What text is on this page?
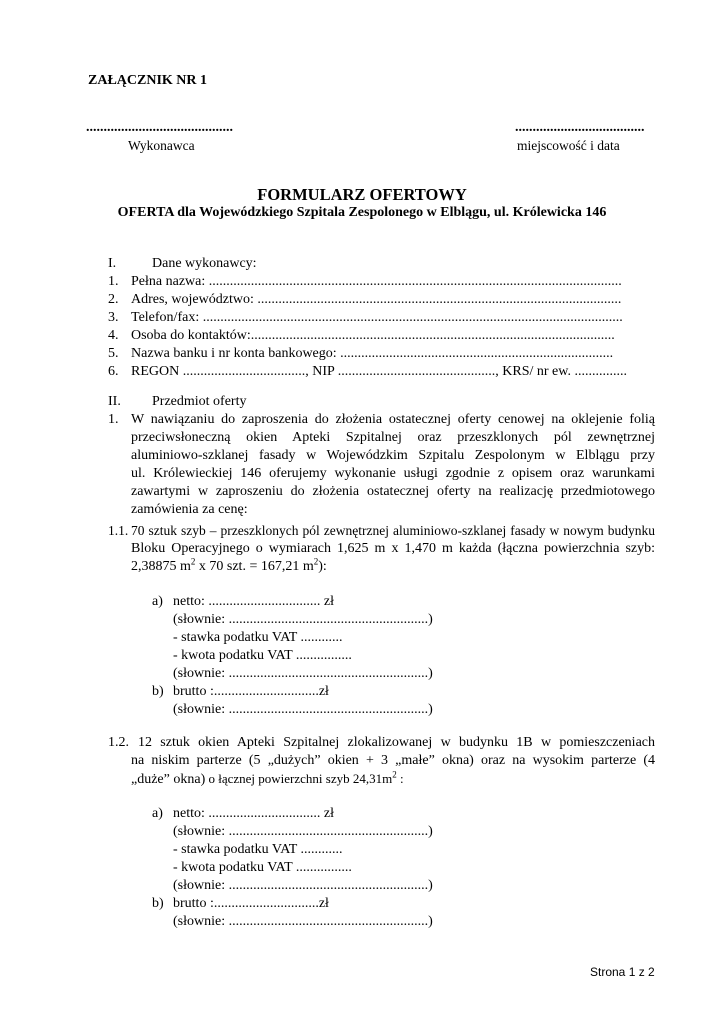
ZAŁĄCZNIK NR 1
..........................................	.....................................
Wykonawca	miejscowość i data
FORMULARZ OFERTOWY
OFERTA dla Wojewódzkiego Szpitala Zespolonego w Elblągu, ul. Królewicka 146
I.	Dane wykonawcy:
1. Pełna nazwa: ......................................................................................................................
2. Adres, województwo: ........................................................................................................
3. Telefon/fax: ........................................................................................................................
4. Osoba do kontaktów:........................................................................................................
5. Nazwa banku i nr konta bankowego: ..............................................................................
6. REGON ..................................., NIP ............................................., KRS/ nr ew. ...............
II. Przedmiot oferty
1. W nawiązaniu do zaproszenia do złożenia ostatecznej oferty cenowej na oklejenie folią
przeciwsłoneczną okien Apteki Szpitalnej oraz przeszklonych pól zewnętrznej
aluminiowo-szklanej fasady w Wojewódzkim Szpitalu Zespolonym w Elblągu przy
ul. Królewieckiej 146 oferujemy wykonanie usługi zgodnie z opisem oraz warunkami
zawartymi w zaproszeniu do złożenia ostatecznej oferty na realizację przedmiotowego
zamówienia za cenę:
1.1. 70 sztuk szyb – przeszklonych pól zewnętrznej aluminiowo-szklanej fasady w nowym budynku
Bloku Operacyjnego o wymiarach 1,625 m x 1,470 m każda (łączna powierzchnia szyb:
2,38875 $m^2$ x 70 szt. = 167,21 $m^2$):
a) netto: ................................ zł
(słownie: .........................................................)
- stawka podatku VAT ............
- kwota podatku VAT ................
(słownie: .........................................................)
b) brutto :..............................zł
(słownie: .........................................................)
1.2. 12 sztuk okien Apteki Szpitalnej zlokalizowanej w budynku 1B w pomieszczeniach
na niskim parterze (5 „dużych” okien + 3 „małe” okna) oraz na wysokim parterze (4
„duże” okna) o łącznej powierzchni szyb $24,31m^2$ :
a) netto: ................................ zł
(słownie: .........................................................)
- stawka podatku VAT ............
- kwota podatku VAT ................
(słownie: .........................................................)
b) brutto :..............................zł
(słownie: .........................................................)
Strona 1 z 2
